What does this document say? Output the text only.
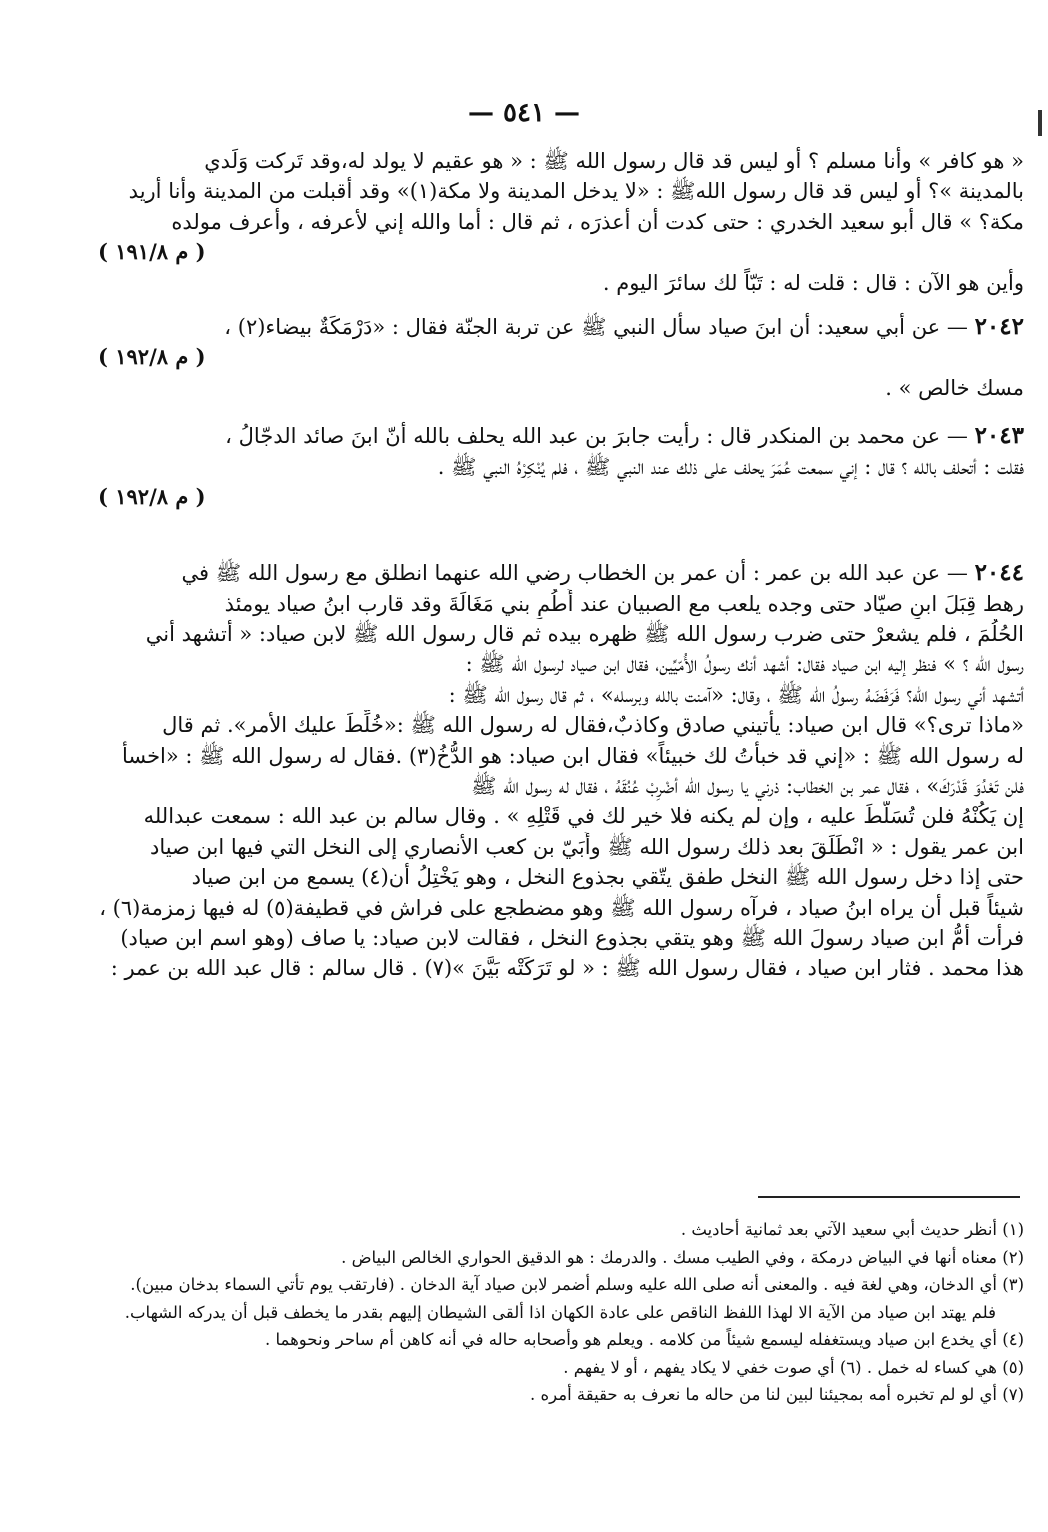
— ٥٤١ —
« هو كافر » وأنا مسلم ؟ أو ليس قد قال رسول الله ﷺ : « هو عقيم لا يولد له،وقد تَركت وَلَدي
بالمدينة »؟ أو ليس قد قال رسول اللهﷺ : «لا يدخل المدينة ولا مكة(١)» وقد أقبلت من المدينة وأنا أريد
مكة؟ » قال أبو سعيد الخدري : حتى كدت أن أعذرَه ، ثم قال : أما والله إني لأعرفه ، وأعرف مولده
( م ١٩١/٨ )
وأين هو الآن : قال : قلت له : تَبّاً لك سائرَ اليوم .
٢٠٤٢ — عن أبي سعيد: أن ابنَ صياد سأل النبي ﷺ عن تربة الجنّة فقال : «دَرْمَكَةٌ بيضاء(٢) ،
( م ١٩٢/٨ )
مسك خالص » .
٢٠٤٣ — عن محمد بن المنكدر قال : رأيت جابرَ بن عبد الله يحلف بالله أنّ ابنَ صائد الدجّالُ ،
فقلت : أتحلف بالله ؟ قال : إني سمعت عُمَرَ يحلف على ذلك عند النبي ﷺ ، فلم يُنْكِرْهُ النبي ﷺ .
( م ١٩٢/٨ )
٢٠٤٤ — عن عبد الله بن عمر : أن عمر بن الخطاب رضي الله عنهما انطلق مع رسول الله ﷺ في
رهط قِبَلَ ابنِ صيّاد حتى وجده يلعب مع الصبيان عند أُطُمِ بني مَغَالَةَ وقد قارب ابنُ صياد يومئذ
الحُلُمَ ، فلم يشعرْ حتى ضرب رسول الله ﷺ ظهره بيده ثم قال رسول الله ﷺ لابن صياد: « أتشهد أني
رسول الله ؟ » فنظر إليه ابن صياد فقال: أشهد أنك رسولُ الأُمّيِّين، فقال ابن صياد لرسول الله ﷺ :
أتشهد أني رسول الله؟ فَرَفَضَهُ رسولُ الله ﷺ ، وقال: «آمنت بالله وبرسله» ، ثم قال رسول الله ﷺ :
«ماذا ترى؟» قال ابن صياد: يأتيني صادق وكاذبٌ،فقال له رسول الله ﷺ :«خُلِّطَ عليك الأمر». ثم قال
له رسول الله ﷺ : «إني قد خبأتُ لك خبيئاً» فقال ابن صياد: هو الدُّخُ(٣) .فقال له رسول الله ﷺ : «اخسأ
فلن تَعْدُوَ قَدْرَكَ» ، فقال عمر بن الخطاب: ذرني يا رسول الله أضْرِبْ عُنُقَهُ ، فقال له رسول الله ﷺ
إن يَكُنْهُ فلن تُسَلَّطَ عليه ، وإن لم يكنه فلا خير لك في قَتْلِهِ » . وقال سالم بن عبد الله : سمعت عبدالله
ابن عمر يقول : « انْطَلَقَ بعد ذلك رسول الله ﷺ وأُبَيّ بن كعب الأنصاري إلى النخل التي فيها ابن صياد
حتى إذا دخل رسول الله ﷺ النخل طفق يتّقي بجذوع النخل ، وهو يَخْتِلُ أن(٤) يسمع من ابن صياد
شيئاً قبل أن يراه ابنُ صياد ، فرآه رسول الله ﷺ وهو مضطجع على فراش في قطيفة(٥) له فيها زمزمة(٦) ،
فرأت أمُّ ابن صياد رسولَ الله ﷺ وهو يتقي بجذوع النخل ، فقالت لابن صياد: يا صاف (وهو اسم ابن صياد)
هذا محمد . فثار ابن صياد ، فقال رسول الله ﷺ : « لو تَرَكَتْه بَيَّنَ »(٧) . قال سالم : قال عبد الله بن عمر :
(١) أنظر حديث أبي سعيد الآتي بعد ثمانية أحاديث .
(٢) معناه أنها في البياض درمكة ، وفي الطيب مسك . والدرمك : هو الدقيق الحواري الخالص البياض .
(٣) أي الدخان، وهي لغة فيه . والمعنى أنه صلى الله عليه وسلم أضمر لابن صياد آية الدخان . (فارتقب يوم تأتي السماء بدخان مبين).
فلم يهتد ابن صياد من الآية الا لهذا اللفظ الناقص على عادة الكهان اذا ألقى الشيطان إليهم بقدر ما يخطف قبل أن يدركه الشهاب.
(٤) أي يخدع ابن صياد ويستغفله ليسمع شيئاً من كلامه . ويعلم هو وأصحابه حاله في أنه كاهن أم ساحر ونحوهما .
(٥) هي كساء له خمل . (٦) أي صوت خفي لا يكاد يفهم ، أو لا يفهم .
(٧) أي لو لم تخبره أمه بمجيئنا لبين لنا من حاله ما نعرف به حقيقة أمره .
